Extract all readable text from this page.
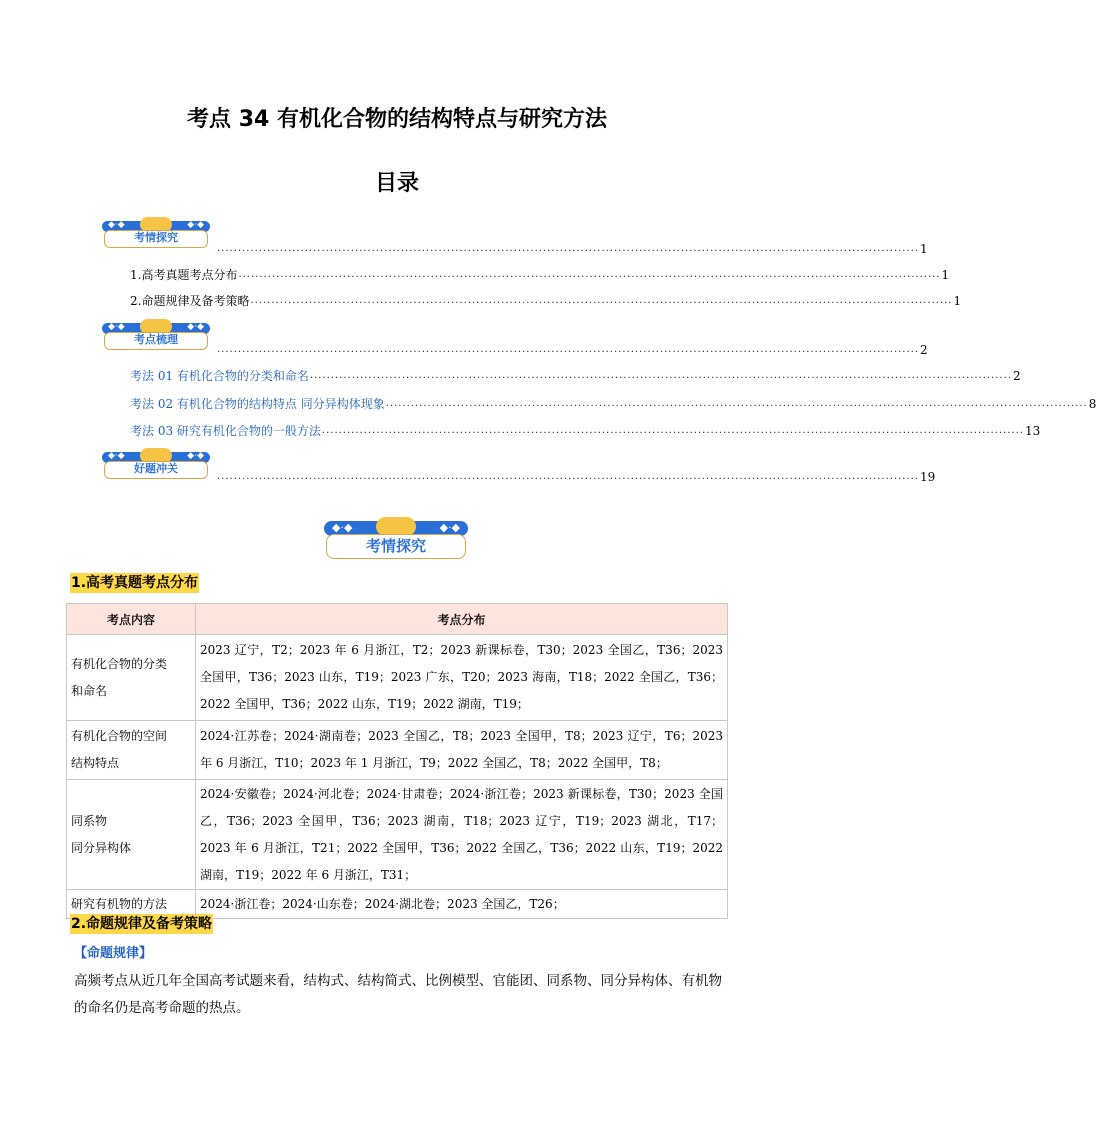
考点 34 有机化合物的结构特点与研究方法
目录
◆·◆	◆·◆
考情探究
........................................................................................................................................................................ 1
1.高考真题考点分布 ........................................................................................................................................................................ 1
2.命题规律及备考策略 ........................................................................................................................................................................ 1
◆·◆	◆·◆
考点梳理
........................................................................................................................................................................ 2
考法 01 有机化合物的分类和命名 ........................................................................................................................................................................ 2
考法 02 有机化合物的结构特点 同分异构体现象 ........................................................................................................................................................................ 8
考法 03 研究有机化合物的一般方法 ........................................................................................................................................................................ 13
◆·◆	◆·◆
好题冲关
........................................................................................................................................................................ 19
◆·◆	◆·◆
考情探究
1.高考真题考点分布
考点内容	考点分布

有机化合物的分类
和命名	2023 辽宁，T2；2023 年 6 月浙江，T2；2023 新课标卷，T30；2023 全国乙，T36；2023 全国甲，T36；2023 山东，T19；2023 广东，T20；2023 海南，T18；2022 全国乙，T36；2022 全国甲，T36；2022 山东，T19；2022 湖南，T19；

有机化合物的空间
结构特点	2024·江苏卷；2024·湖南卷；2023 全国乙，T8；2023 全国甲，T8；2023 辽宁，T6；2023 年 6 月浙江，T10；2023 年 1 月浙江，T9；2022 全国乙，T8；2022 全国甲，T8；

同系物
同分异构体	2024·安徽卷；2024·河北卷；2024·甘肃卷；2024·浙江卷；2023 新课标卷，T30；2023 全国乙，T36；2023 全国甲，T36；2023 湖南，T18；2023 辽宁，T19；2023 湖北，T17；2023 年 6 月浙江，T21；2022 全国甲，T36；2022 全国乙，T36；2022 山东，T19；2022 湖南，T19；2022 年 6 月浙江，T31；

研究有机物的方法	2024·浙江卷；2024·山东卷；2024·湖北卷；2023 全国乙，T26；
2.命题规律及备考策略
【命题规律】
高频考点从近几年全国高考试题来看，结构式、结构简式、比例模型、官能团、同系物、同分异构体、有机物的命名仍是高考命题的热点。
